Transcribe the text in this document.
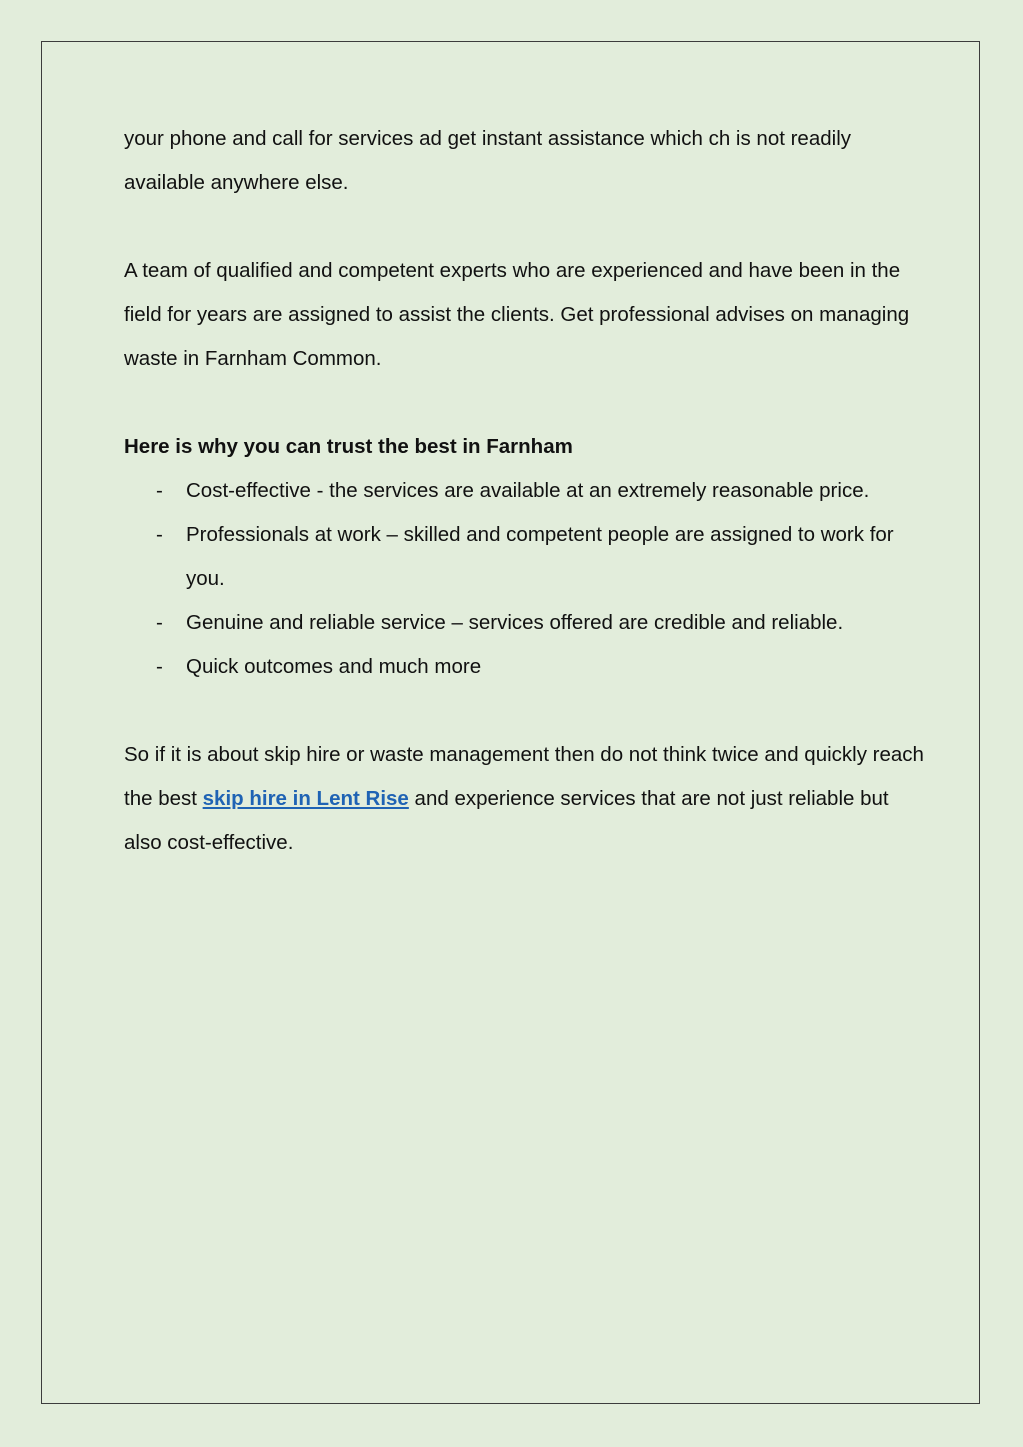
your phone and call for services ad get instant assistance which ch is not readily available anywhere else.

A team of qualified and competent experts who are experienced and have been in the field for years are assigned to assist the clients. Get professional advises on managing waste in Farnham Common.

Here is why you can trust the best in Farnham

- Cost-effective - the services are available at an extremely reasonable price.
- Professionals at work – skilled and competent people are assigned to work for you.
- Genuine and reliable service – services offered are credible and reliable.
- Quick outcomes and much more

So if it is about skip hire or waste management then do not think twice and quickly reach the best skip hire in Lent Rise and experience services that are not just reliable but also cost-effective.
